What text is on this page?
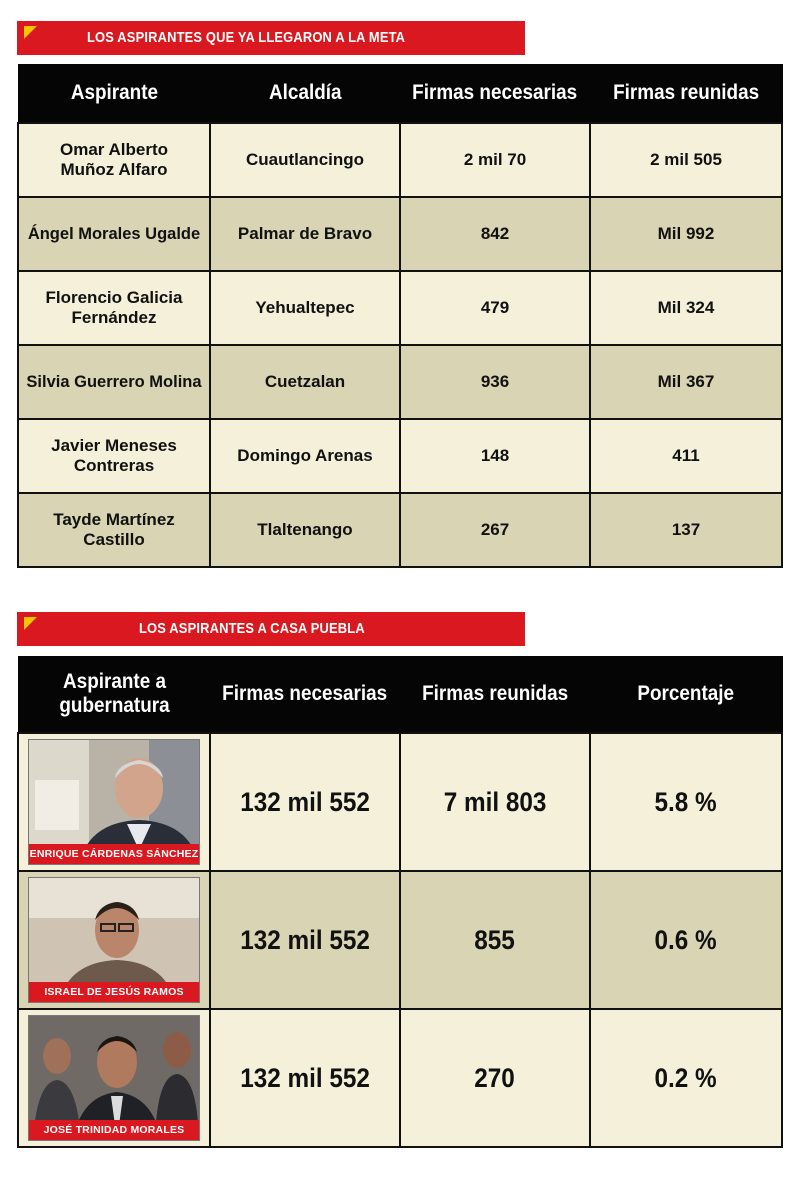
LOS ASPIRANTES QUE YA LLEGARON A LA META
Aspirante	Alcaldía	Firmas necesarias	Firmas reunidas
Omar Alberto Muñoz Alfaro	Cuautlancingo	2 mil 70	2 mil 505
Ángel Morales Ugalde	Palmar de Bravo	842	Mil 992
Florencio Galicia Fernández	Yehualtepec	479	Mil 324
Silvia Guerrero Molina	Cuetzalan	936	Mil 367
Javier Meneses Contreras	Domingo Arenas	148	411
Tayde Martínez Castillo	Tlaltenango	267	137
LOS ASPIRANTES A CASA PUEBLA
Aspirante a gubernatura	Firmas necesarias	Firmas reunidas	Porcentaje

ENRIQUE CÁRDENAS SÁNCHEZ	132 mil 552	7 mil 803	5.8 %

ISRAEL DE JESÚS RAMOS	132 mil 552	855	0.6 %

JOSÉ TRINIDAD MORALES	132 mil 552	270	0.2 %
